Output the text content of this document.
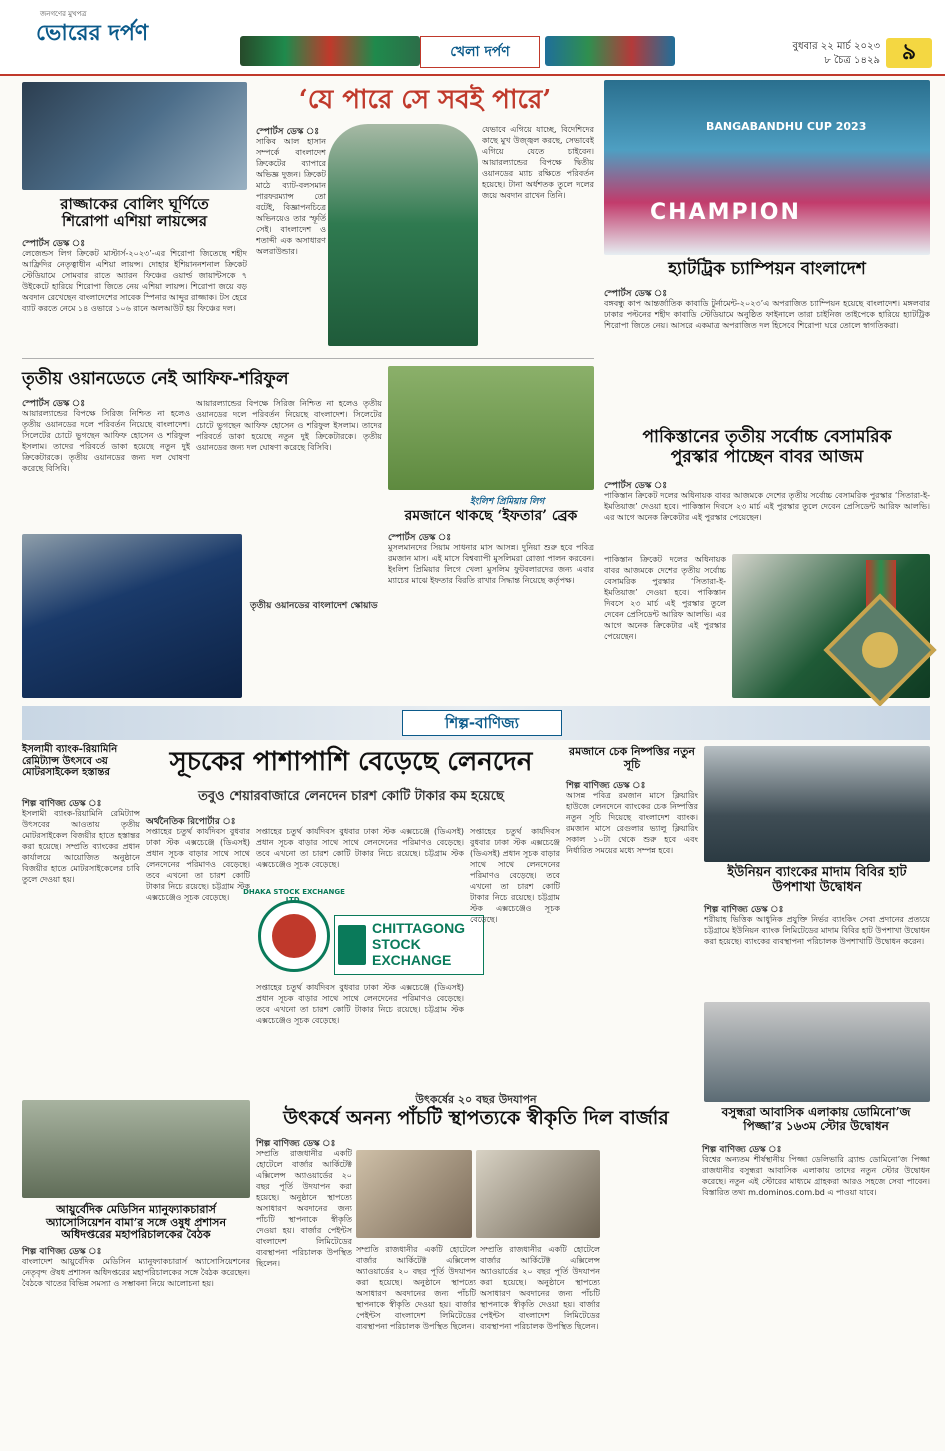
জনগণের মুখপত্র
ভোরের দর্পণ
খেলা দর্পণ	বুধবার ২২ মার্চ ২০২৩
৮ চৈত্র ১৪২৯ ৯
রাজ্জাকের বোলিং ঘূর্ণিতে
শিরোপা এশিয়া লায়ন্সের
স্পোর্টস ডেস্ক ঃ
লেজেন্ডস লিগ ক্রিকেট মাস্টার্স-২০২৩’-এর শিরোপা জিতেছে শহীদ আফ্রিদির নেতৃত্বাধীন এশিয়া লায়ন্স। দোহার ইশিয়াননশনাল ক্রিকেট স্টেডিয়ামে সোমবার রাতে অ্যারন ফিঞ্চের ওয়ার্ল্ড জায়ান্টসকে ৭ উইকেটে হারিয়ে শিরোপা জিতে নেয় এশিয়া লায়ন্স। শিরোপা জয়ে বড় অবদান রেখেছেন বাংলাদেশের সাবেক স্পিনার আব্দুর রাজ্জাক। টস হেরে ব্যাট করতে নেমে ১৪ ওভারে ১০৬ রানে অলআউট হয় ফিঞ্চের দল।
‘যে পারে সে সবই পারে’
স্পোর্টস ডেস্ক ঃ
সাকিব আল হাসান সম্পর্কে বাংলাদেশ ক্রিকেটের ব্যাপারে অভিজ্ঞ দুজন। ক্রিকেট মাঠে ব্যাট-বলসমান পারফরম্যান্স তো বটেই, বিজ্ঞাপনচিত্রে অভিনয়েও তার স্ফূর্তি সেই। বাংলাদেশ ও শতাব্দী এক অসাধারণ অলরাউন্ডার।
যেভাবে এগিয়ে যাচ্ছে, বিদেশিদের কাছে মুখ উজ্জ্বল করছে, সেভাবেই এগিয়ে যেতে চাইবেন। আয়ারল্যান্ডের বিপক্ষে দ্বিতীয় ওয়ানডের ম্যাচ রক্ষিতে পরিবর্তন হয়েছে। টানা অর্ধশতক তুলে দলের জয়ে অবদান রাখেন তিনি।
BANGABANDHU CUP 2023
CHAMPION
হ্যাটট্রিক চ্যাম্পিয়ন বাংলাদেশ
স্পোর্টস ডেস্ক ঃ
বঙ্গবন্ধু কাপ আন্তর্জাতিক কাবাডি টুর্নামেন্ট-২০২৩’এ অপরাজিত চ্যাম্পিয়ন হয়েছে বাংলাদেশ। মঙ্গলবার ঢাকার পল্টনের শহীদ কাবাডি স্টেডিয়ামে অনুষ্ঠিত ফাইনালে তারা চাইনিজ তাইপেকে হারিয়ে হ্যাটট্রিক শিরোপা জিতে নেয়। আসরে একমাত্র অপরাজিত দল হিসেবে শিরোপা ঘরে তোলে স্বাগতিকরা।
তৃতীয় ওয়ানডেতে নেই আফিফ-শরিফুল
স্পোর্টস ডেস্ক ঃ
আয়ারল্যান্ডের বিপক্ষে সিরিজ নিশ্চিত না হলেও তৃতীয় ওয়ানডের দলে পরিবর্তন নিয়েছে বাংলাদেশ। সিলেটের চোটে ভুগছেন আফিফ হোসেন ও শরিফুল ইসলাম। তাদের পরিবর্তে ডাকা হয়েছে নতুন দুই ক্রিকেটারকে। তৃতীয় ওয়ানডের জন্য দল ঘোষণা করেছে বিসিবি।
আয়ারল্যান্ডের বিপক্ষে সিরিজ নিশ্চিত না হলেও তৃতীয় ওয়ানডের দলে পরিবর্তন নিয়েছে বাংলাদেশ। সিলেটের চোটে ভুগছেন আফিফ হোসেন ও শরিফুল ইসলাম। তাদের পরিবর্তে ডাকা হয়েছে নতুন দুই ক্রিকেটারকে। তৃতীয় ওয়ানডের জন্য দল ঘোষণা করেছে বিসিবি।
তৃতীয় ওয়ানডের বাংলাদেশ স্কোয়াড
ইংলিশ প্রিমিয়ার লিগ
রমজানে থাকছে ‘ইফতার’ ব্রেক
স্পোর্টস ডেস্ক ঃ
মুসলমানদের সিয়াম সাধনার মাস আসন্ন। দুনিয়া শুরু হবে পবিত্র রমজান মাস। এই মাসে বিশ্বব্যাপী মুসলিমরা রোজা পালন করবেন। ইংলিশ প্রিমিয়ার লিগে খেলা মুসলিম ফুটবলারদের জন্য এবার ম্যাচের মাঝে ইফতার বিরতি রাখার সিদ্ধান্ত নিয়েছে কর্তৃপক্ষ।
পাকিস্তানের তৃতীয় সর্বোচ্চ বেসামরিক
পুরস্কার পাচ্ছেন বাবর আজম
স্পোর্টস ডেস্ক ঃ
পাকিস্তান ক্রিকেট দলের অধিনায়ক বাবর আজমকে দেশের তৃতীয় সর্বোচ্চ বেসামরিক পুরস্কার ‘সিতারা-ই-ইমতিয়াজ’ দেওয়া হবে। পাকিস্তান দিবসে ২৩ মার্চ এই পুরস্কার তুলে দেবেন প্রেসিডেন্ট আরিফ আলভি। এর আগে অনেক ক্রিকেটার এই পুরস্কার পেয়েছেন।
পাকিস্তান ক্রিকেট দলের অধিনায়ক বাবর আজমকে দেশের তৃতীয় সর্বোচ্চ বেসামরিক পুরস্কার ‘সিতারা-ই-ইমতিয়াজ’ দেওয়া হবে। পাকিস্তান দিবসে ২৩ মার্চ এই পুরস্কার তুলে দেবেন প্রেসিডেন্ট আরিফ আলভি। এর আগে অনেক ক্রিকেটার এই পুরস্কার পেয়েছেন।
শিল্প-বাণিজ্য
ইসলামী ব্যাংক-রিয়ামিনি রেমিট্যান্স উৎসবে ৩য় মোটরসাইকেল হস্তান্তর
শিল্প বাণিজ্য ডেস্ক ঃ
ইসলামী ব্যাংক-রিয়ামিনি রেমিট্যান্স উৎসবের আওতায় তৃতীয় মোটরসাইকেল বিজয়ীর হাতে হস্তান্তর করা হয়েছে। সম্প্রতি ব্যাংকের প্রধান কার্যালয়ে আয়োজিত অনুষ্ঠানে বিজয়ীর হাতে মোটরসাইকেলের চাবি তুলে দেওয়া হয়।
সূচকের পাশাপাশি বেড়েছে লেনদেন
তবুও শেয়ারবাজারে লেনদেন চারশ কোটি টাকার কম হয়েছে
অর্থনৈতিক রিপোর্টার ঃ
সপ্তাহের চতুর্থ কার্যদিবস বুধবার ঢাকা স্টক এক্সচেঞ্জে (ডিএসই) প্রধান সূচক বাড়ার সাথে সাথে লেনদেনের পরিমাণও বেড়েছে। তবে এখনো তা চারশ কোটি টাকার নিচে রয়েছে। চট্টগ্রাম স্টক এক্সচেঞ্জেও সূচক বেড়েছে।
সপ্তাহের চতুর্থ কার্যদিবস বুধবার ঢাকা স্টক এক্সচেঞ্জে (ডিএসই) প্রধান সূচক বাড়ার সাথে সাথে লেনদেনের পরিমাণও বেড়েছে। তবে এখনো তা চারশ কোটি টাকার নিচে রয়েছে। চট্টগ্রাম স্টক এক্সচেঞ্জেও সূচক বেড়েছে।
DHAKA STOCK EXCHANGE LTD.
CHITTAGONG
STOCK
EXCHANGE
CSE
সপ্তাহের চতুর্থ কার্যদিবস বুধবার ঢাকা স্টক এক্সচেঞ্জে (ডিএসই) প্রধান সূচক বাড়ার সাথে সাথে লেনদেনের পরিমাণও বেড়েছে। তবে এখনো তা চারশ কোটি টাকার নিচে রয়েছে। চট্টগ্রাম স্টক এক্সচেঞ্জেও সূচক বেড়েছে।
সপ্তাহের চতুর্থ কার্যদিবস বুধবার ঢাকা স্টক এক্সচেঞ্জে (ডিএসই) প্রধান সূচক বাড়ার সাথে সাথে লেনদেনের পরিমাণও বেড়েছে। তবে এখনো তা চারশ কোটি টাকার নিচে রয়েছে। চট্টগ্রাম স্টক এক্সচেঞ্জেও সূচক বেড়েছে।
রমজানে চেক নিষ্পত্তির নতুন সূচি
শিল্প বাণিজ্য ডেস্ক ঃ
আসন্ন পবিত্র রমজান মাসে ক্লিয়ারিং হাউজে লেনদেনে ব্যাংকের চেক নিষ্পত্তির নতুন সূচি দিয়েছে বাংলাদেশ ব্যাংক। রমজান মাসে রেগুলার ভ্যালু ক্লিয়ারিং সকাল ১০টা থেকে শুরু হবে এবং নির্ধারিত সময়ের মধ্যে সম্পন্ন হবে।
ইউনিয়ন ব্যাংকের মাদাম বিবির হাট উপশাখা উদ্বোধন
শিল্প বাণিজ্য ডেস্ক ঃ
শরীয়াহ ভিত্তিক আধুনিক প্রযুক্তি নির্ভর ব্যাংকিং সেবা প্রদানের প্রত্যয়ে চট্টগ্রামে ইউনিয়ন ব্যাংক লিমিটেডের মাদাম বিবির হাট উপশাখা উদ্বোধন করা হয়েছে। ব্যাংকের ব্যবস্থাপনা পরিচালক উপশাখাটি উদ্বোধন করেন।
উৎকর্ষের ২০ বছর উদযাপন
উৎকর্ষে অনন্য পাঁচটি স্থাপত্যকে স্বীকৃতি দিল বার্জার
শিল্প বাণিজ্য ডেস্ক ঃ
সম্প্রতি রাজধানীর একটি হোটেলে বার্জার আর্কিটেক্ট এক্সিলেন্স অ্যাওয়ার্ডের ২০ বছর পূর্তি উদযাপন করা হয়েছে। অনুষ্ঠানে স্থাপত্যে অসাধারণ অবদানের জন্য পাঁচটি স্থাপনাকে স্বীকৃতি দেওয়া হয়। বার্জার পেইন্টস বাংলাদেশ লিমিটেডের ব্যবস্থাপনা পরিচালক উপস্থিত ছিলেন।
সম্প্রতি রাজধানীর একটি হোটেলে বার্জার আর্কিটেক্ট এক্সিলেন্স অ্যাওয়ার্ডের ২০ বছর পূর্তি উদযাপন করা হয়েছে। অনুষ্ঠানে স্থাপত্যে অসাধারণ অবদানের জন্য পাঁচটি স্থাপনাকে স্বীকৃতি দেওয়া হয়। বার্জার পেইন্টস বাংলাদেশ লিমিটেডের ব্যবস্থাপনা পরিচালক উপস্থিত ছিলেন।
সম্প্রতি রাজধানীর একটি হোটেলে বার্জার আর্কিটেক্ট এক্সিলেন্স অ্যাওয়ার্ডের ২০ বছর পূর্তি উদযাপন করা হয়েছে। অনুষ্ঠানে স্থাপত্যে অসাধারণ অবদানের জন্য পাঁচটি স্থাপনাকে স্বীকৃতি দেওয়া হয়। বার্জার পেইন্টস বাংলাদেশ লিমিটেডের ব্যবস্থাপনা পরিচালক উপস্থিত ছিলেন।
আয়ুর্বেদিক মেডিসিন ম্যানুফ্যাকচারার্স অ্যাসোসিয়েশন বামা’র সঙ্গে ওষুধ প্রশাসন অধিদপ্তরের মহাপরিচালকের বৈঠক
শিল্প বাণিজ্য ডেস্ক ঃ
বাংলাদেশ আয়ুর্বেদিক মেডিসিন ম্যানুফ্যাকচারার্স অ্যাসোসিয়েশনের নেতৃবৃন্দ ঔষধ প্রশাসন অধিদপ্তরের মহাপরিচালকের সঙ্গে বৈঠক করেছেন। বৈঠকে খাতের বিভিন্ন সমস্যা ও সম্ভাবনা নিয়ে আলোচনা হয়।
বসুন্ধরা আবাসিক এলাকায় ডোমিনো’জ পিজ্জা’র ১৬৩ম স্টোর উদ্বোধন
শিল্প বাণিজ্য ডেস্ক ঃ
বিশ্বের অন্যতম শীর্ষস্থানীয় পিজ্জা ডেলিভারি ব্র্যান্ড ডোমিনো’জ পিজ্জা রাজধানীর বসুন্ধরা আবাসিক এলাকায় তাদের নতুন স্টোর উদ্বোধন করেছে। নতুন এই স্টোরের মাধ্যমে গ্রাহকরা আরও সহজে সেবা পাবেন। বিস্তারিত তথ্য m.dominos.com.bd এ পাওয়া যাবে।
